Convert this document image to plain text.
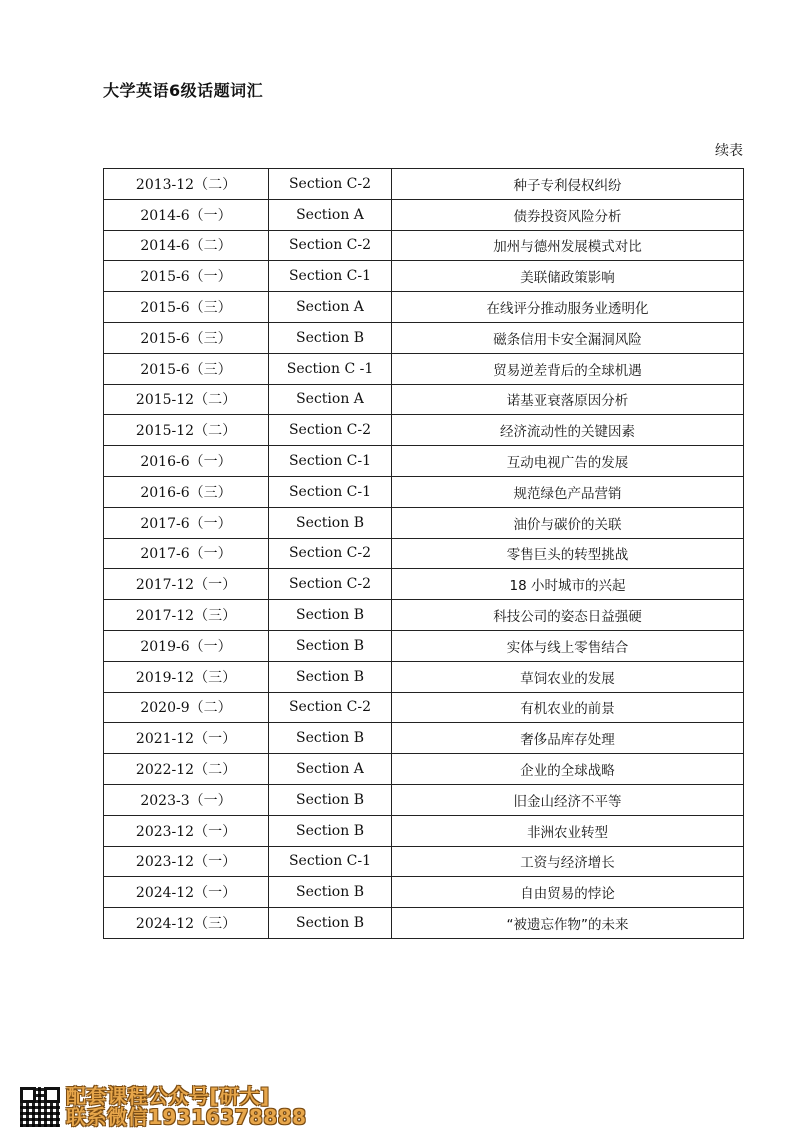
大学英语6级话题词汇
续表
2013-12（二）	Section C-2	种子专利侵权纠纷
2014-6（一）	Section A	债券投资风险分析
2014-6（二）	Section C-2	加州与德州发展模式对比
2015-6（一）	Section C-1	美联储政策影响
2015-6（三）	Section A	在线评分推动服务业透明化
2015-6（三）	Section B	磁条信用卡安全漏洞风险
2015-6（三）	Section C -1	贸易逆差背后的全球机遇
2015-12（二）	Section A	诺基亚衰落原因分析
2015-12（二）	Section C-2	经济流动性的关键因素
2016-6（一）	Section C-1	互动电视广告的发展
2016-6（三）	Section C-1	规范绿色产品营销
2017-6（一）	Section B	油价与碳价的关联
2017-6（一）	Section C-2	零售巨头的转型挑战
2017-12（一）	Section C-2	18 小时城市的兴起
2017-12（三）	Section B	科技公司的姿态日益强硬
2019-6（一）	Section B	实体与线上零售结合
2019-12（三）	Section B	草饲农业的发展
2020-9（二）	Section C-2	有机农业的前景
2021-12（一）	Section B	奢侈品库存处理
2022-12（二）	Section A	企业的全球战略
2023-3（一）	Section B	旧金山经济不平等
2023-12（一）	Section B	非洲农业转型
2023-12（一）	Section C-1	工资与经济增长
2024-12（一）	Section B	自由贸易的悖论
2024-12（三）	Section B	“被遗忘作物”的未来
配套课程公众号[研大]
联系微信19316378888
